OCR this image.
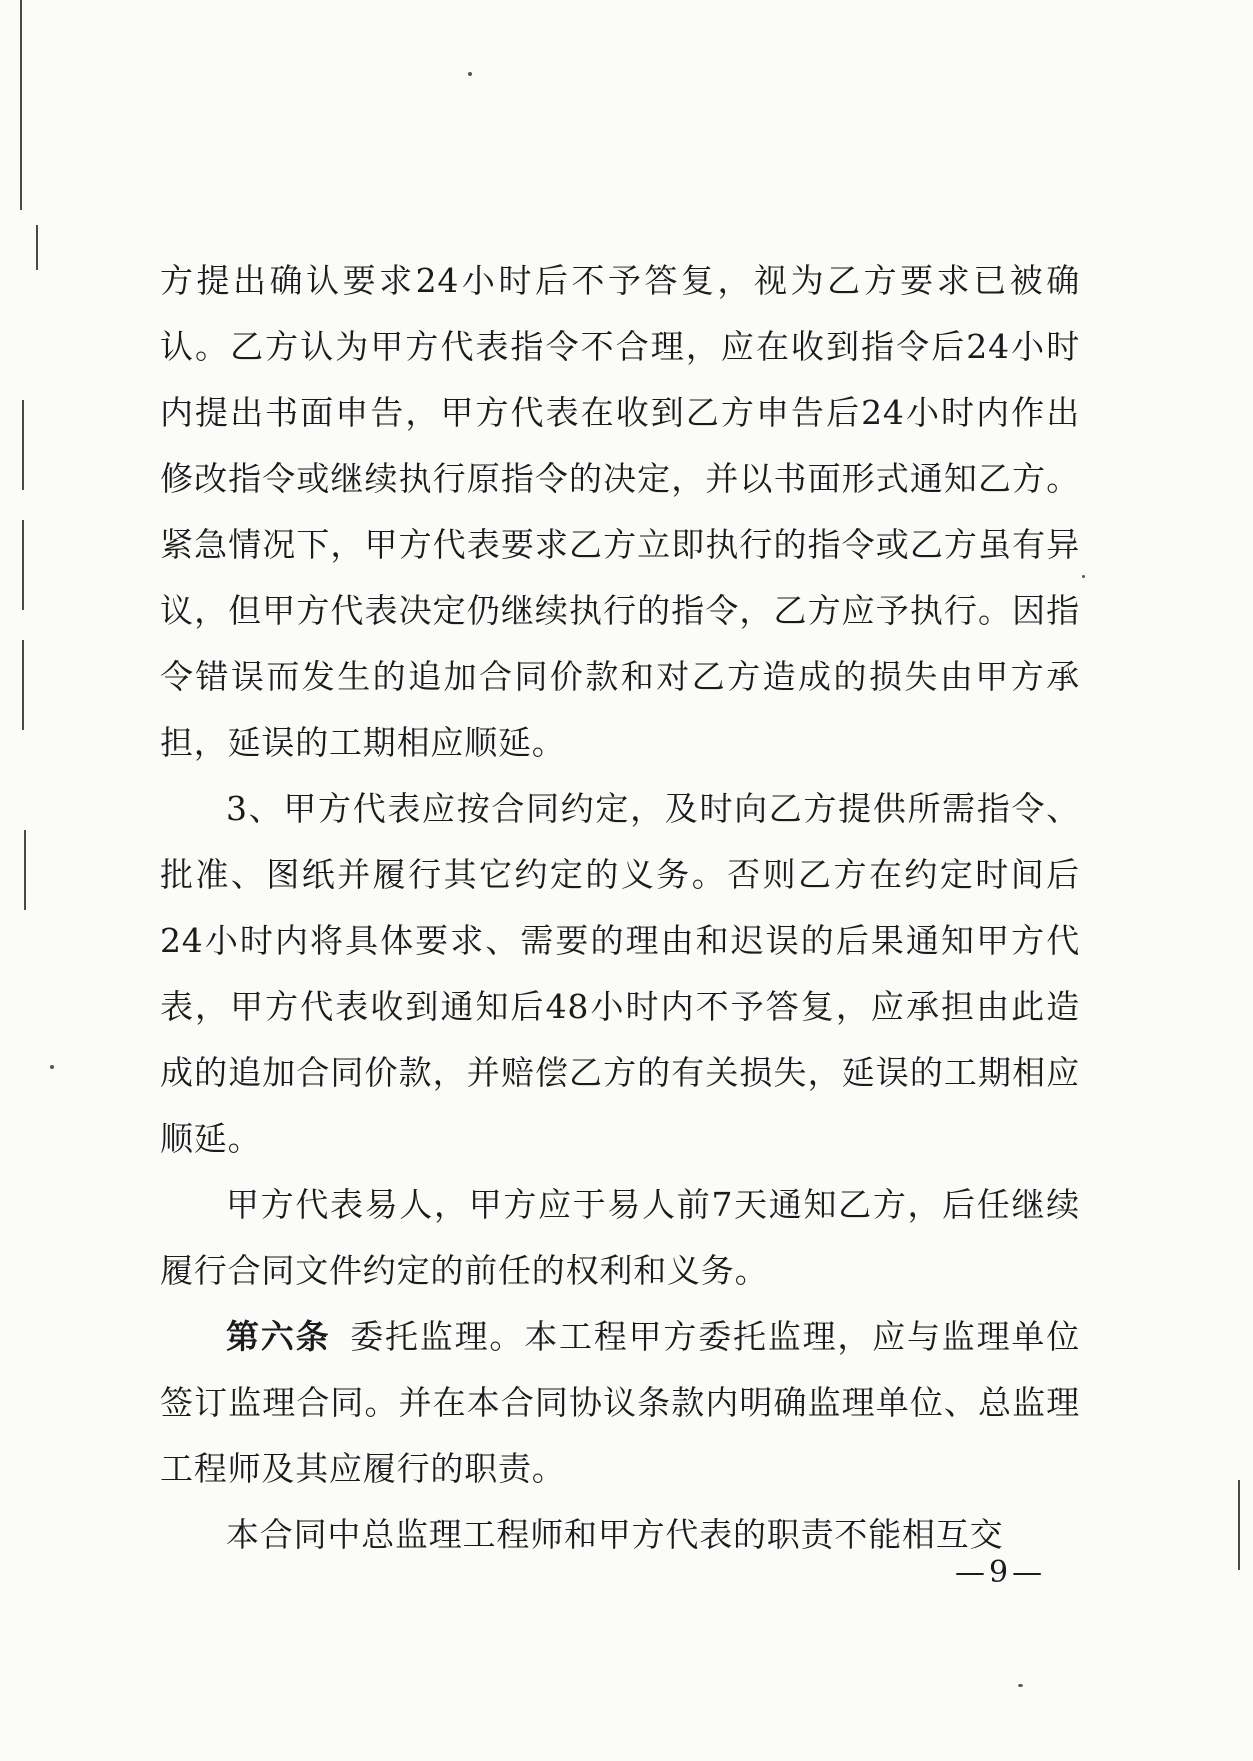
方提出确认要求24小时后不予答复，视为乙方要求已被确认。乙方认为甲方代表指令不合理，应在收到指令后24小时内提出书面申告，甲方代表在收到乙方申告后24小时内作出修改指令或继续执行原指令的决定，并以书面形式通知乙方。紧急情况下，甲方代表要求乙方立即执行的指令或乙方虽有异议，但甲方代表决定仍继续执行的指令，乙方应予执行。因指令错误而发生的追加合同价款和对乙方造成的损失由甲方承担，延误的工期相应顺延。

3、甲方代表应按合同约定，及时向乙方提供所需指令、批准、图纸并履行其它约定的义务。否则乙方在约定时间后24小时内将具体要求、需要的理由和迟误的后果通知甲方代表，甲方代表收到通知后48小时内不予答复，应承担由此造成的追加合同价款，并赔偿乙方的有关损失，延误的工期相应顺延。

甲方代表易人，甲方应于易人前7天通知乙方，后任继续履行合同文件约定的前任的权利和义务。

第六条 委托监理。本工程甲方委托监理，应与监理单位签订监理合同。并在本合同协议条款内明确监理单位、总监理工程师及其应履行的职责。

本合同中总监理工程师和甲方代表的职责不能相互交

—9—
